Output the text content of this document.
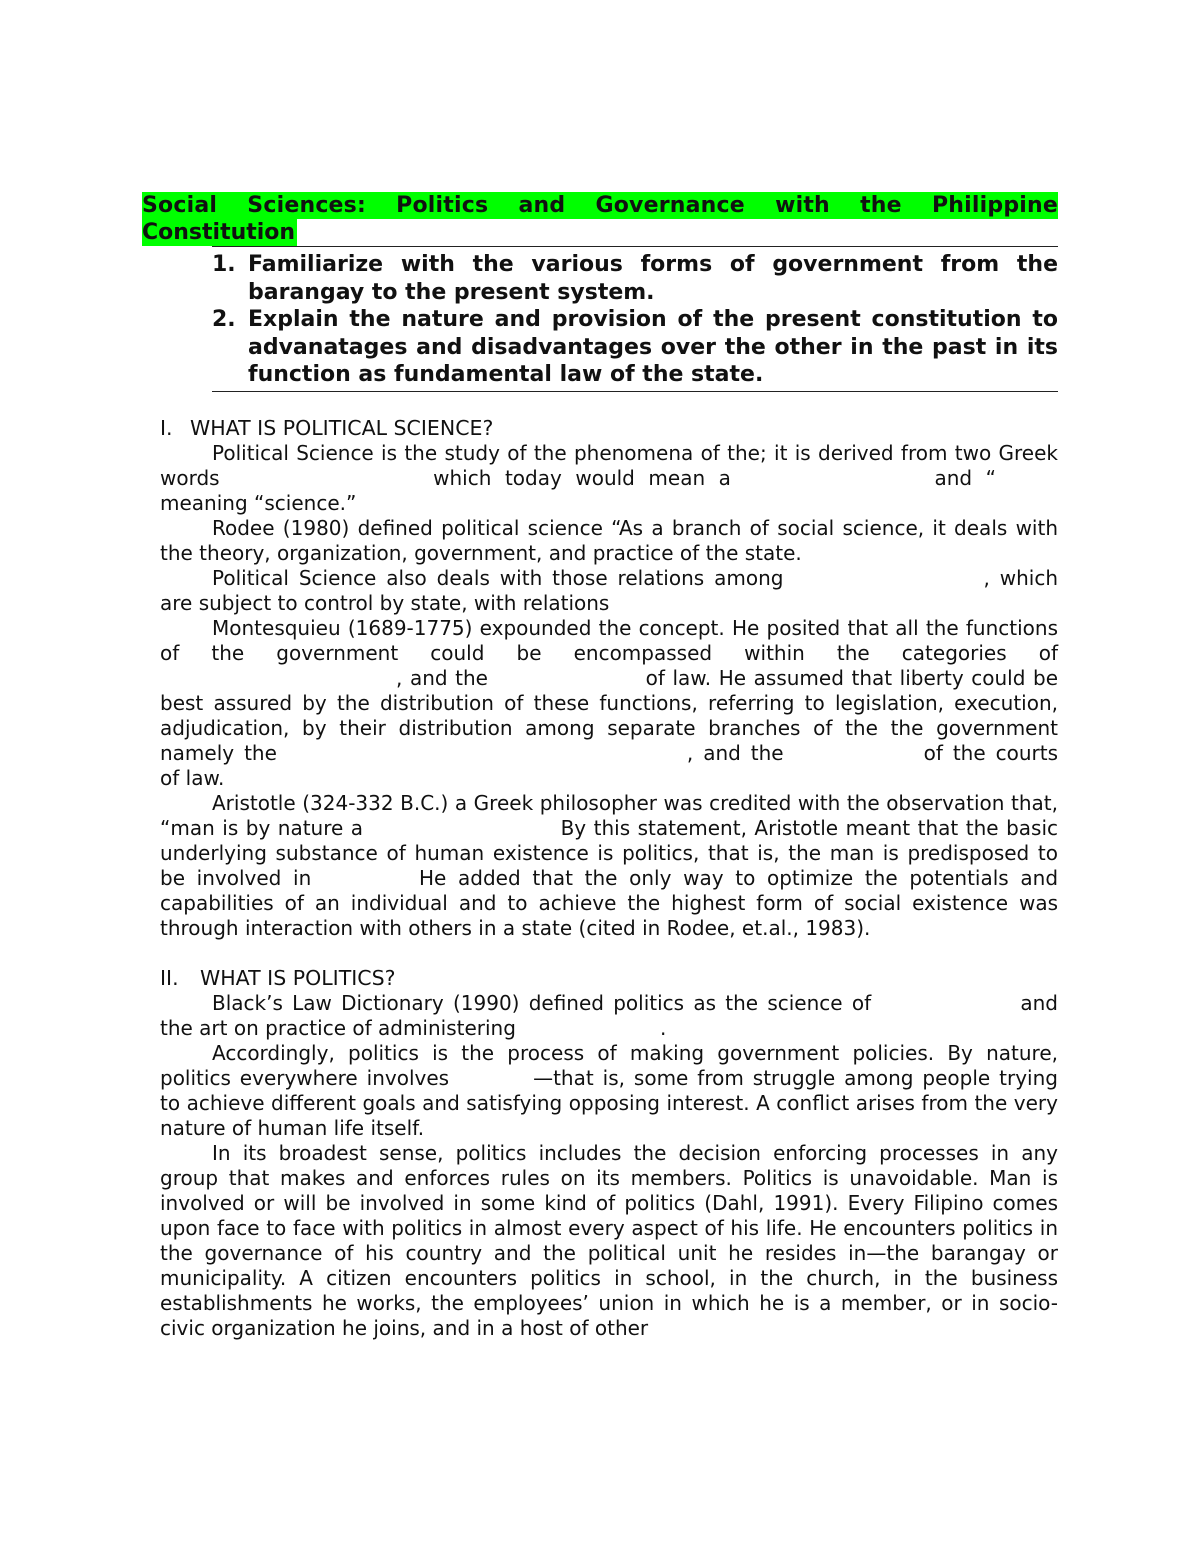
Social Sciences: Politics and Governance with the Philippine
Constitution
1. Familiarize with the various forms of government from the barangay to the present system.
2. Explain the nature and provision of the present constitution to advanatages and disadvantages over the other in the past in its function as fundamental law of the state.

I. WHAT IS POLITICAL SCIENCE?

Political Science is the study of the phenomena of the; it is derived from two Greek words	which today would mean a	and “ meaning “science.”

Rodee (1980) defined political science “As a branch of social science, it deals with the theory, organization, government, and practice of the state.

Political Science also deals with those relations among	, which are subject to control by state, with relations

Montesquieu (1689-1775) expounded the concept. He posited that all the functions of the government could be encompassed within the categories of, and the	of law. He assumed that liberty could be best assured by the distribution of these functions, referring to legislation, execution, adjudication, by their distribution among separate branches of the the government namely the	, and the	of the courts of law.

Aristotle (324-332 B.C.) a Greek philosopher was credited with the observation that, “man is by nature a	By this statement, Aristotle meant that the basic underlying substance of human existence is politics, that is, the man is predisposed to be involved in	He added that the only way to optimize the potentials and capabilities of an individual and to achieve the highest form of social existence was through interaction with others in a state (cited in Rodee, et.al., 1983).

II. WHAT IS POLITICS?

Black’s Law Dictionary (1990) defined politics as the science of	and the art on practice of administering	.

Accordingly, politics is the process of making government policies. By nature, politics everywhere involves	—that is, some from struggle among people trying to achieve different goals and satisfying opposing interest. A conflict arises from the very nature of human life itself.

In its broadest sense, politics includes the decision enforcing processes in any group that makes and enforces rules on its members. Politics is unavoidable. Man is involved or will be involved in some kind of politics (Dahl, 1991). Every Filipino comes upon face to face with politics in almost every aspect of his life. He encounters politics in the governance of his country and the political unit he resides in—the barangay or municipality. A citizen encounters politics in school, in the church, in the business establishments he works, the employees’ union in which he is a member, or in socio-civic organization he joins, and in a host of other
